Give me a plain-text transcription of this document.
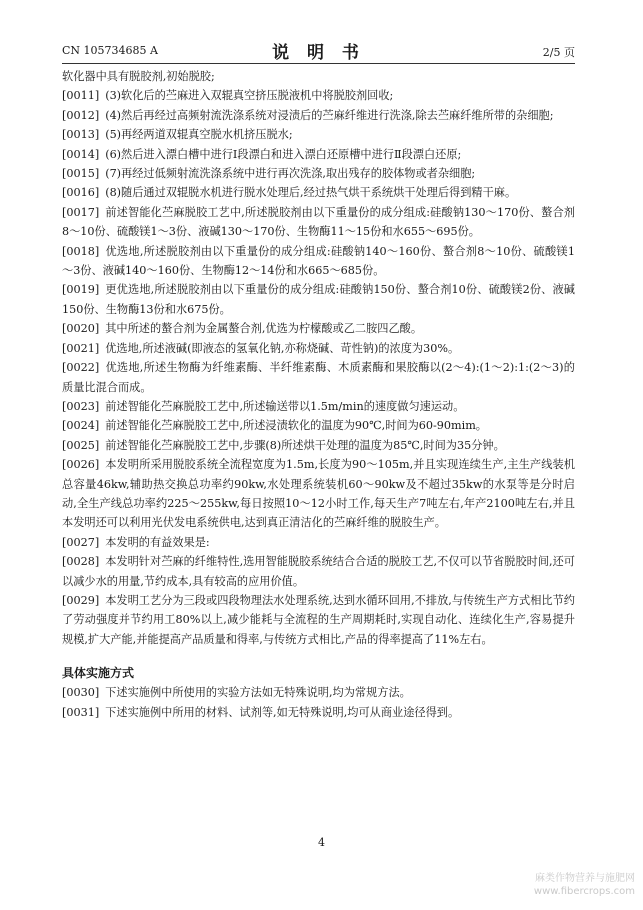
CN 105734685 A	说 明 书	2/5 页
软化器中具有脱胶剂,初始脱胶;
[0011] (3)软化后的苎麻进入双辊真空挤压脱液机中将脱胶剂回收;
[0012] (4)然后再经过高频射流洗涤系统对浸渍后的苎麻纤维进行洗涤,除去苎麻纤维所带的杂细胞;
[0013] (5)再经两道双辊真空脱水机挤压脱水;
[0014] (6)然后进入漂白槽中进行Ⅰ段漂白和进入漂白还原槽中进行Ⅱ段漂白还原;
[0015] (7)再经过低频射流洗涤系统中进行再次洗涤,取出残存的胶体物或者杂细胞;
[0016] (8)随后通过双辊脱水机进行脱水处理后,经过热气烘干系统烘干处理后得到精干麻。
[0017] 前述智能化苎麻脱胶工艺中,所述脱胶剂由以下重量份的成分组成:硅酸钠130～170份、螯合剂8～10份、硫酸镁1～3份、液碱130～170份、生物酶11～15份和水655～695份。
[0018] 优选地,所述脱胶剂由以下重量份的成分组成:硅酸钠140～160份、螯合剂8～10份、硫酸镁1～3份、液碱140～160份、生物酶12～14份和水665～685份。
[0019] 更优选地,所述脱胶剂由以下重量份的成分组成:硅酸钠150份、螯合剂10份、硫酸镁2份、液碱150份、生物酶13份和水675份。
[0020] 其中所述的螯合剂为金属螯合剂,优选为柠檬酸或乙二胺四乙酸。
[0021] 优选地,所述液碱(即液态的氢氧化钠,亦称烧碱、苛性钠)的浓度为30%。
[0022] 优选地,所述生物酶为纤维素酶、半纤维素酶、木质素酶和果胶酶以(2～4):(1～2):1:(2～3)的质量比混合而成。
[0023] 前述智能化苎麻脱胶工艺中,所述输送带以1.5m/min的速度做匀速运动。
[0024] 前述智能化苎麻脱胶工艺中,所述浸渍软化的温度为90℃,时间为60-90mim。
[0025] 前述智能化苎麻脱胶工艺中,步骤(8)所述烘干处理的温度为85℃,时间为35分钟。
[0026] 本发明所采用脱胶系统全流程宽度为1.5m,长度为90～105m,并且实现连续生产,主生产线装机总容量46kw,辅助热交换总功率约90kw,水处理系统装机60～90kw及不超过35kw的水泵等是分时启动,全生产线总功率约225～255kw,每日按照10～12小时工作,每天生产7吨左右,年产2100吨左右,并且本发明还可以利用光伏发电系统供电,达到真正清洁化的苎麻纤维的脱胶生产。
[0027] 本发明的有益效果是:
[0028] 本发明针对苎麻的纤维特性,选用智能脱胶系统结合合适的脱胶工艺,不仅可以节省脱胶时间,还可以减少水的用量,节约成本,具有较高的应用价值。
[0029] 本发明工艺分为三段或四段物理法水处理系统,达到水循环回用,不排放,与传统生产方式相比节约了劳动强度并节约用工80%以上,减少能耗与全流程的生产周期耗时,实现自动化、连续化生产,容易提升规模,扩大产能,并能提高产品质量和得率,与传统方式相比,产品的得率提高了11%左右。
具体实施方式
[0030] 下述实施例中所使用的实验方法如无特殊说明,均为常规方法。
[0031] 下述实施例中所用的材料、试剂等,如无特殊说明,均可从商业途径得到。
4
麻类作物营养与施肥网
www.fibercrops.com
